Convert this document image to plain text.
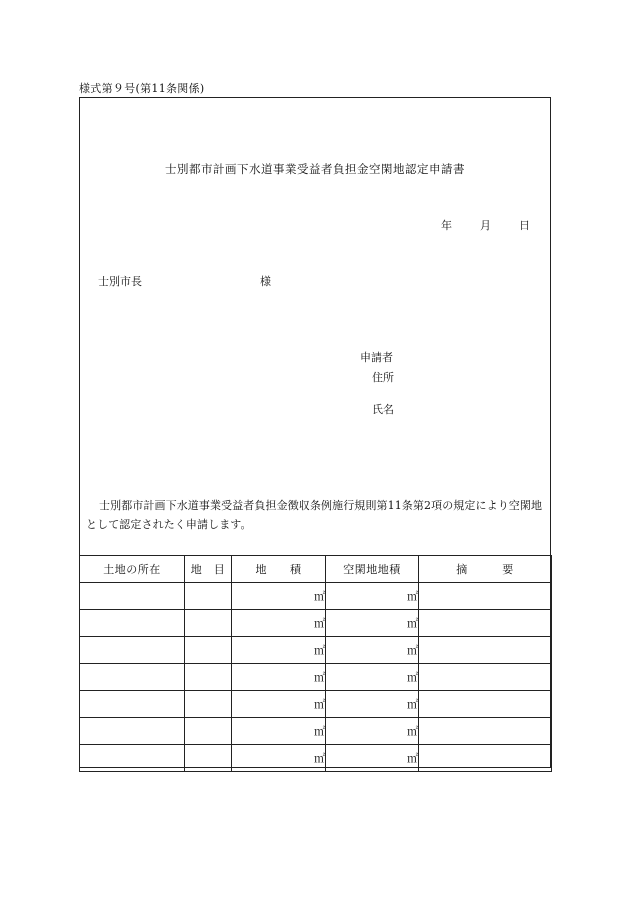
様式第９号(第11条関係)
士別都市計画下水道事業受益者負担金空閑地認定申請書
年	月	日
士別市長	様
申請者
住所
氏名
士別都市計画下水道事業受益者負担金徴収条例施行規則第11条第2項の規定により空閑地として認定されたく申請します。
土地の所在	地　目	地　　積	空閑地地積	摘　　　要
		㎡	㎡	
		㎡	㎡	
		㎡	㎡	
		㎡	㎡	
		㎡	㎡	
		㎡	㎡	
		㎡	㎡	
